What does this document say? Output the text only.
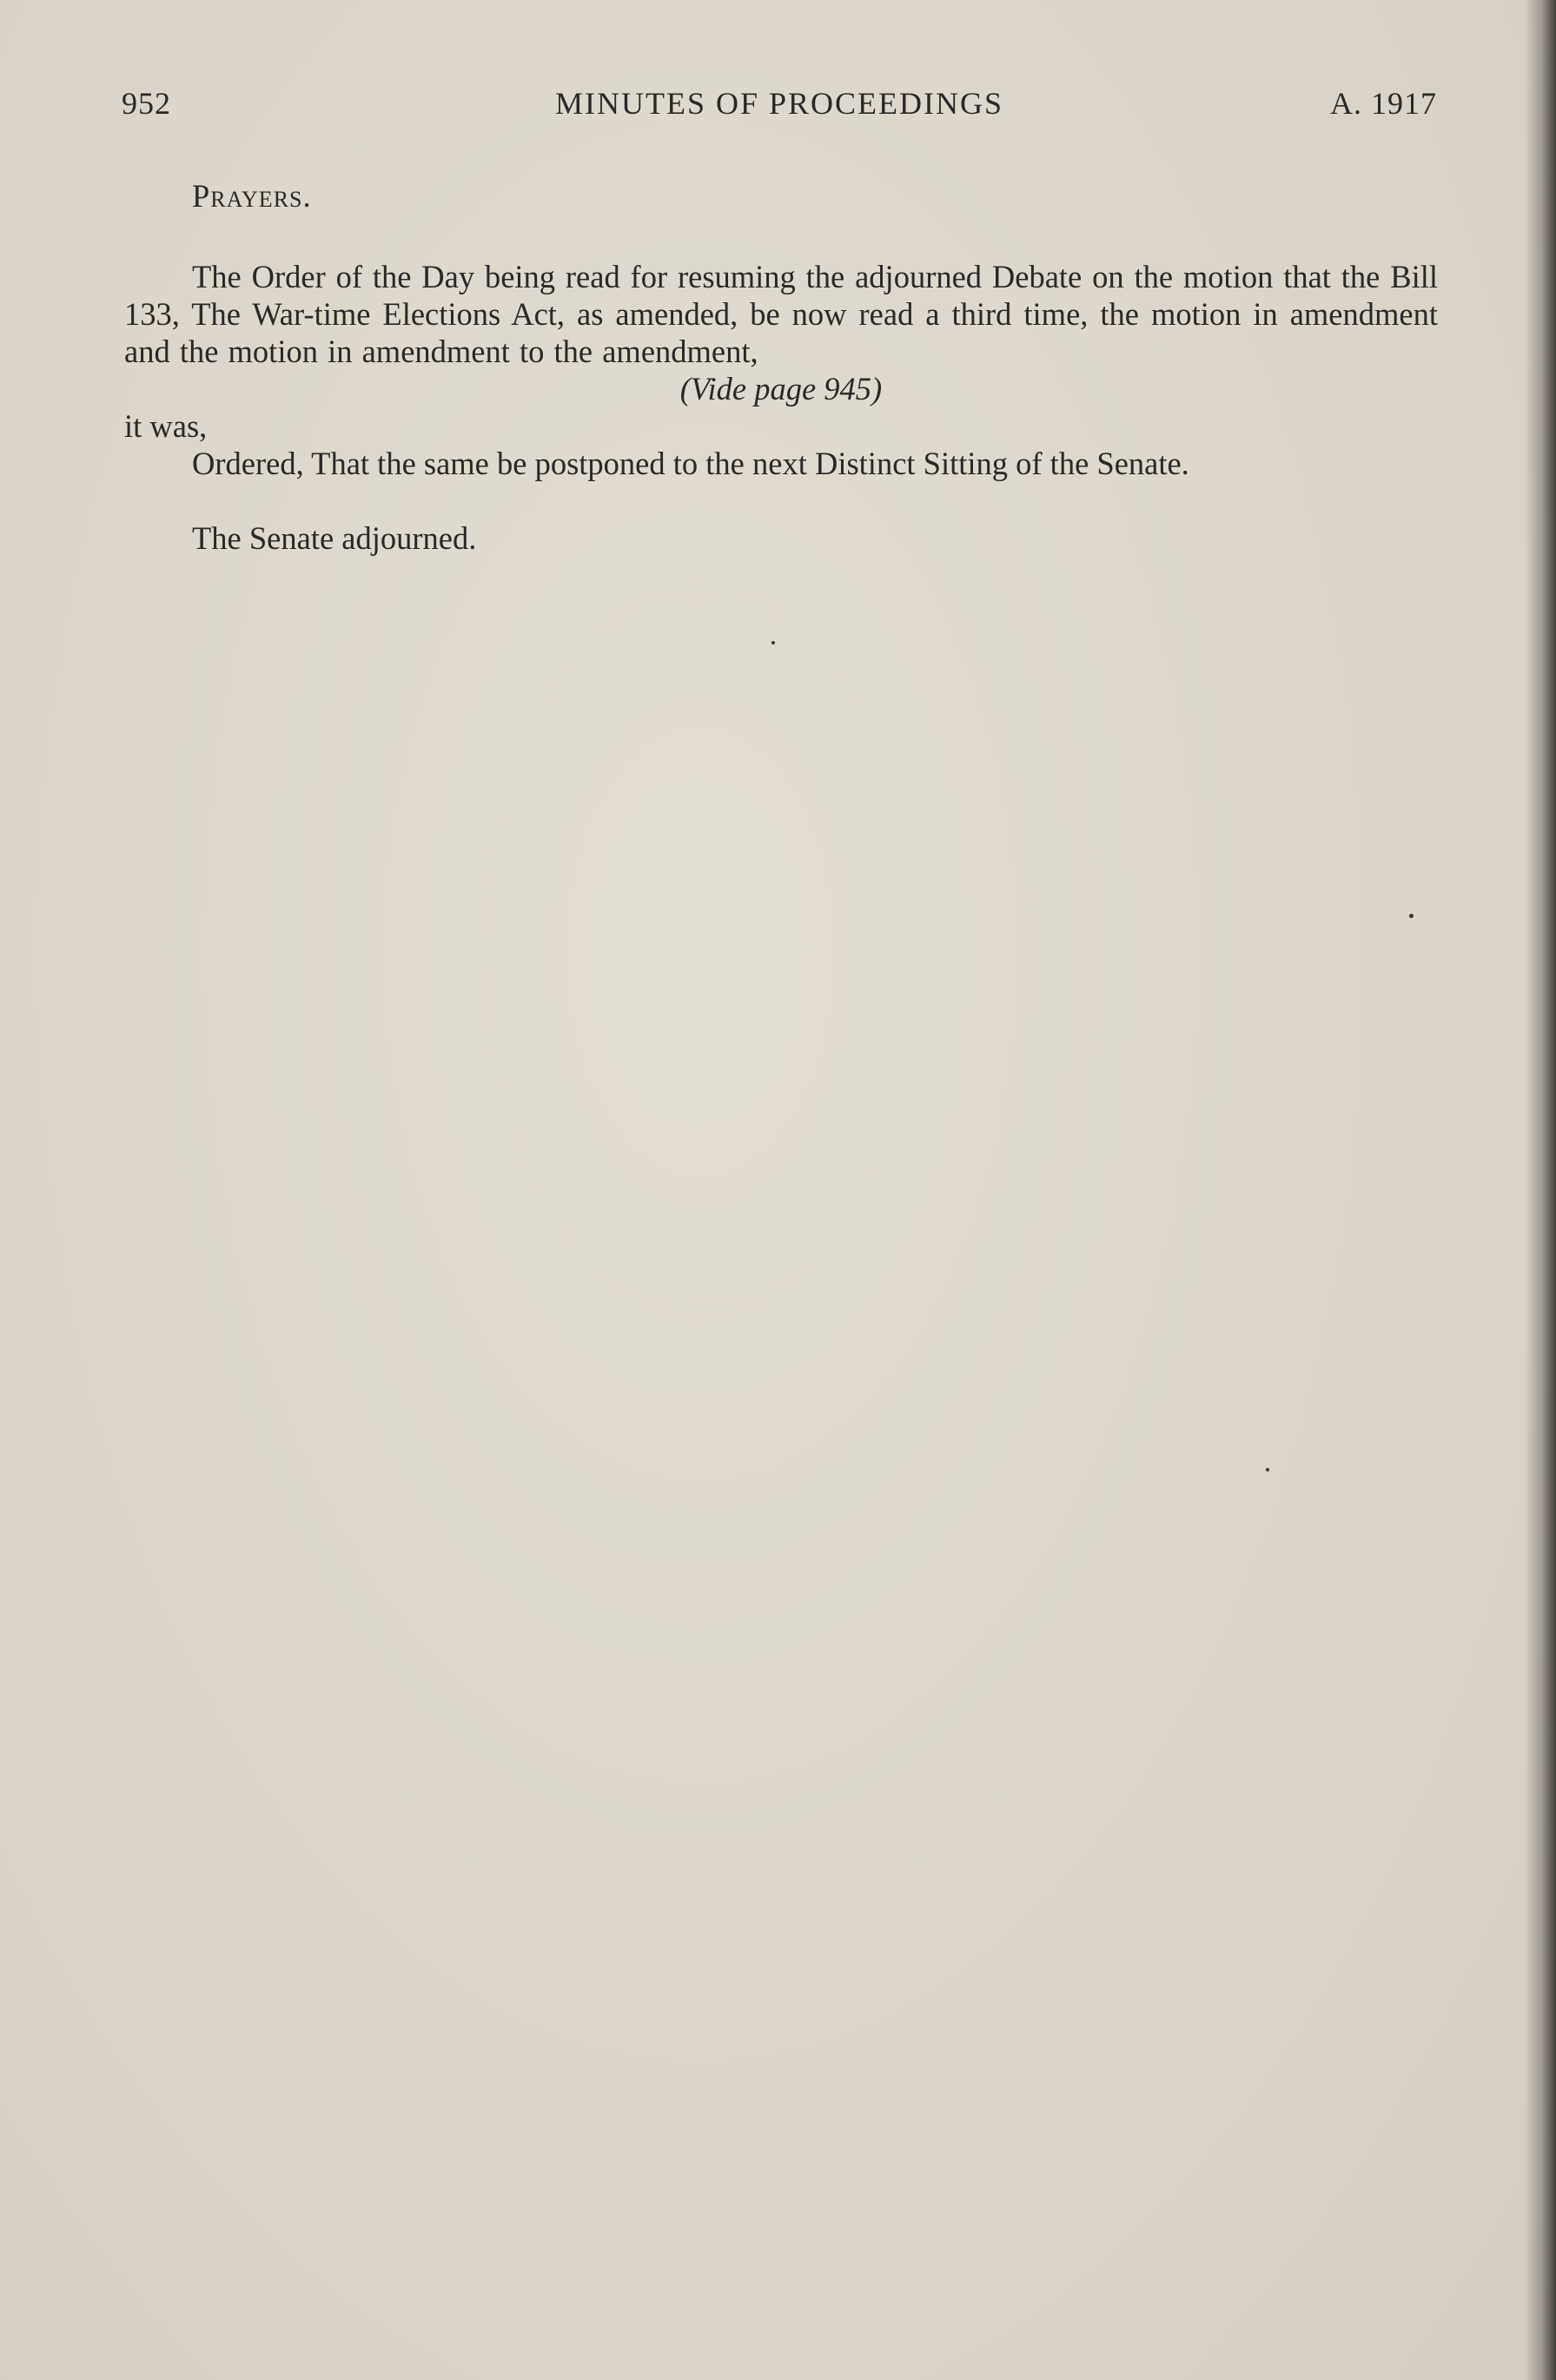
952	MINUTES OF PROCEEDINGS	A. 1917

Prayers.

The Order of the Day being read for resuming the adjourned Debate on the motion that the Bill 133, The War-time Elections Act, as amended, be now read a third time, the motion in amendment and the motion in amendment to the amendment,

(Vide page 945)

it was,

Ordered, That the same be postponed to the next Distinct Sitting of the Senate.

The Senate adjourned.
